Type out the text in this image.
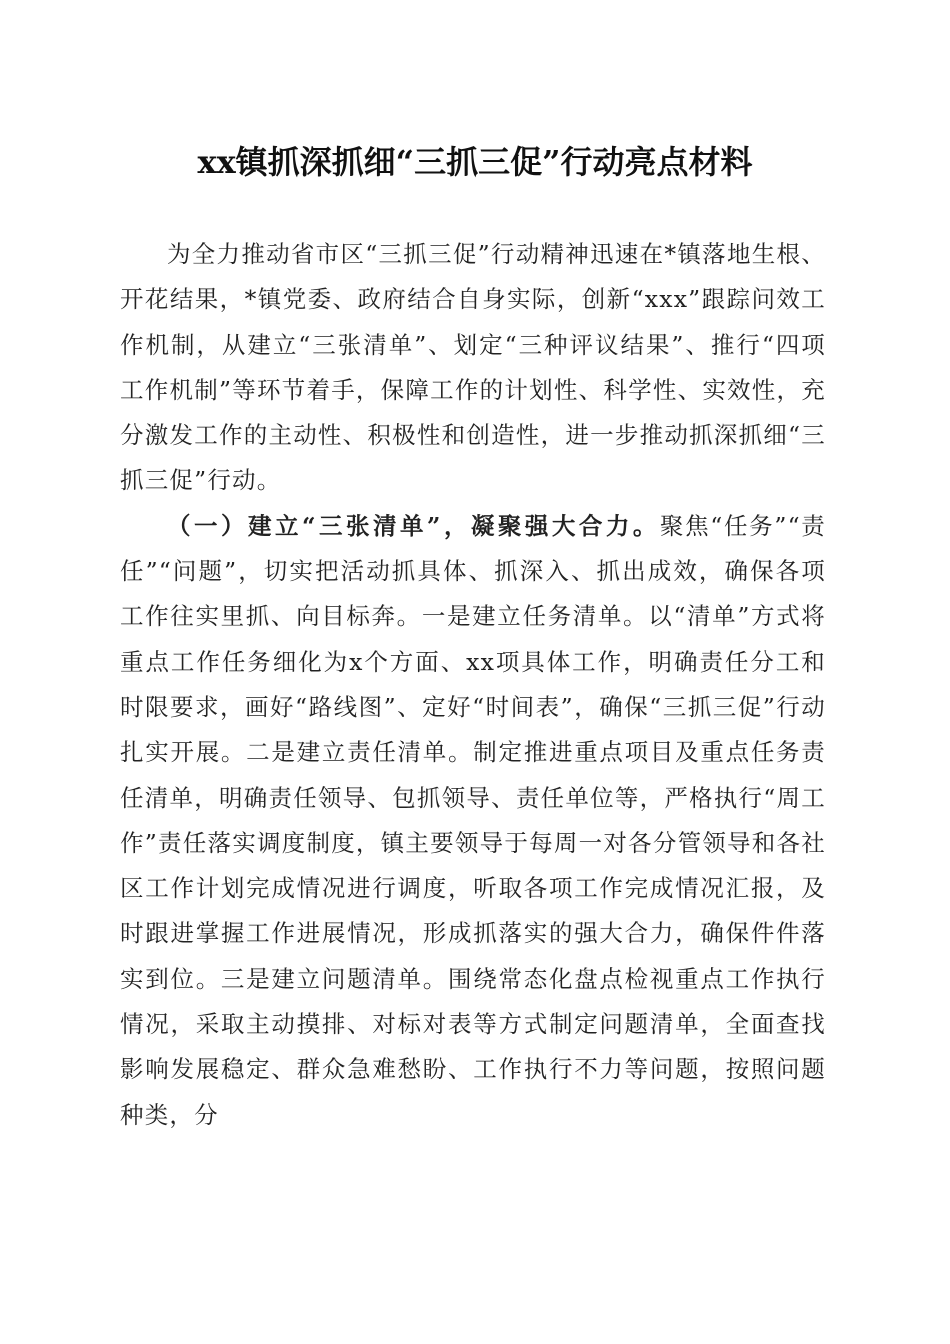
xx镇抓深抓细“三抓三促”行动亮点材料

为全力推动省市区“三抓三促”行动精神迅速在*镇落地生根、开花结果，*镇党委、政府结合自身实际，创新“xxx”跟踪问效工作机制，从建立“三张清单”、划定“三种评议结果”、推行“四项工作机制”等环节着手，保障工作的计划性、科学性、实效性，充分激发工作的主动性、积极性和创造性，进一步推动抓深抓细“三抓三促”行动。

（一）建立“三张清单”，凝聚强大合力。聚焦“任务”“责任”“问题”，切实把活动抓具体、抓深入、抓出成效，确保各项工作往实里抓、向目标奔。一是建立任务清单。以“清单”方式将重点工作任务细化为x个方面、xx项具体工作，明确责任分工和时限要求，画好“路线图”、定好“时间表”，确保“三抓三促”行动扎实开展。二是建立责任清单。制定推进重点项目及重点任务责任清单，明确责任领导、包抓领导、责任单位等，严格执行“周工作”责任落实调度制度，镇主要领导于每周一对各分管领导和各社区工作计划完成情况进行调度，听取各项工作完成情况汇报，及时跟进掌握工作进展情况，形成抓落实的强大合力，确保件件落实到位。三是建立问题清单。围绕常态化盘点检视重点工作执行情况，采取主动摸排、对标对表等方式制定问题清单，全面查找影响发展稳定、群众急难愁盼、工作执行不力等问题，按照问题种类，分
